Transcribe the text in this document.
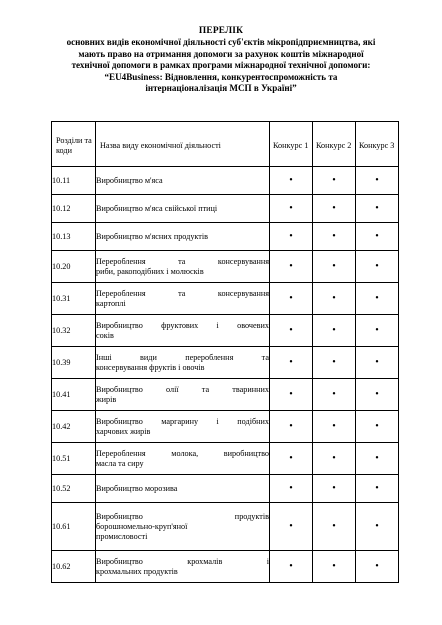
ПЕРЕЛІК
основних видів економічної діяльності суб'єктів мікропідприємництва, які
мають право на отримання допомоги за рахунок коштів міжнародної
технічної допомоги в рамках програми міжнародної технічної допомоги:
“EU4Business: Відновлення, конкурентоспроможність та
інтернаціоналізація МСП в Україні”
Розділи та коди	Назва виду економічної діяльності	Конкурс 1	Конкурс 2	Конкурс 3

10.11	Виробництво м'яса	•	•	•
10.12	Виробництво м'яса свійської птиці	•	•	•
10.13	Виробництво м'ясних продуктів	•	•	•
10.20	Перероблення та консервування
риби, ракоподібних і молюсків	•	•	•
10.31	Перероблення та консервування
картоплі	•	•	•
10.32	Виробництво фруктових і овочевих
соків	•	•	•
10.39	Інші види перероблення та
консервування фруктів і овочів	•	•	•
10.41	Виробництво олії та тваринних
жирів	•	•	•
10.42	Виробництво маргарину і подібних
харчових жирів	•	•	•
10.51	Перероблення молока, виробництво
масла та сиру	•	•	•
10.52	Виробництво морозива	•	•	•
10.61	Виробництво продуктів
борошномельно-круп'яної
промисловості	•	•	•
10.62	Виробництво крохмалів і
крохмальних продуктів	•	•	•
